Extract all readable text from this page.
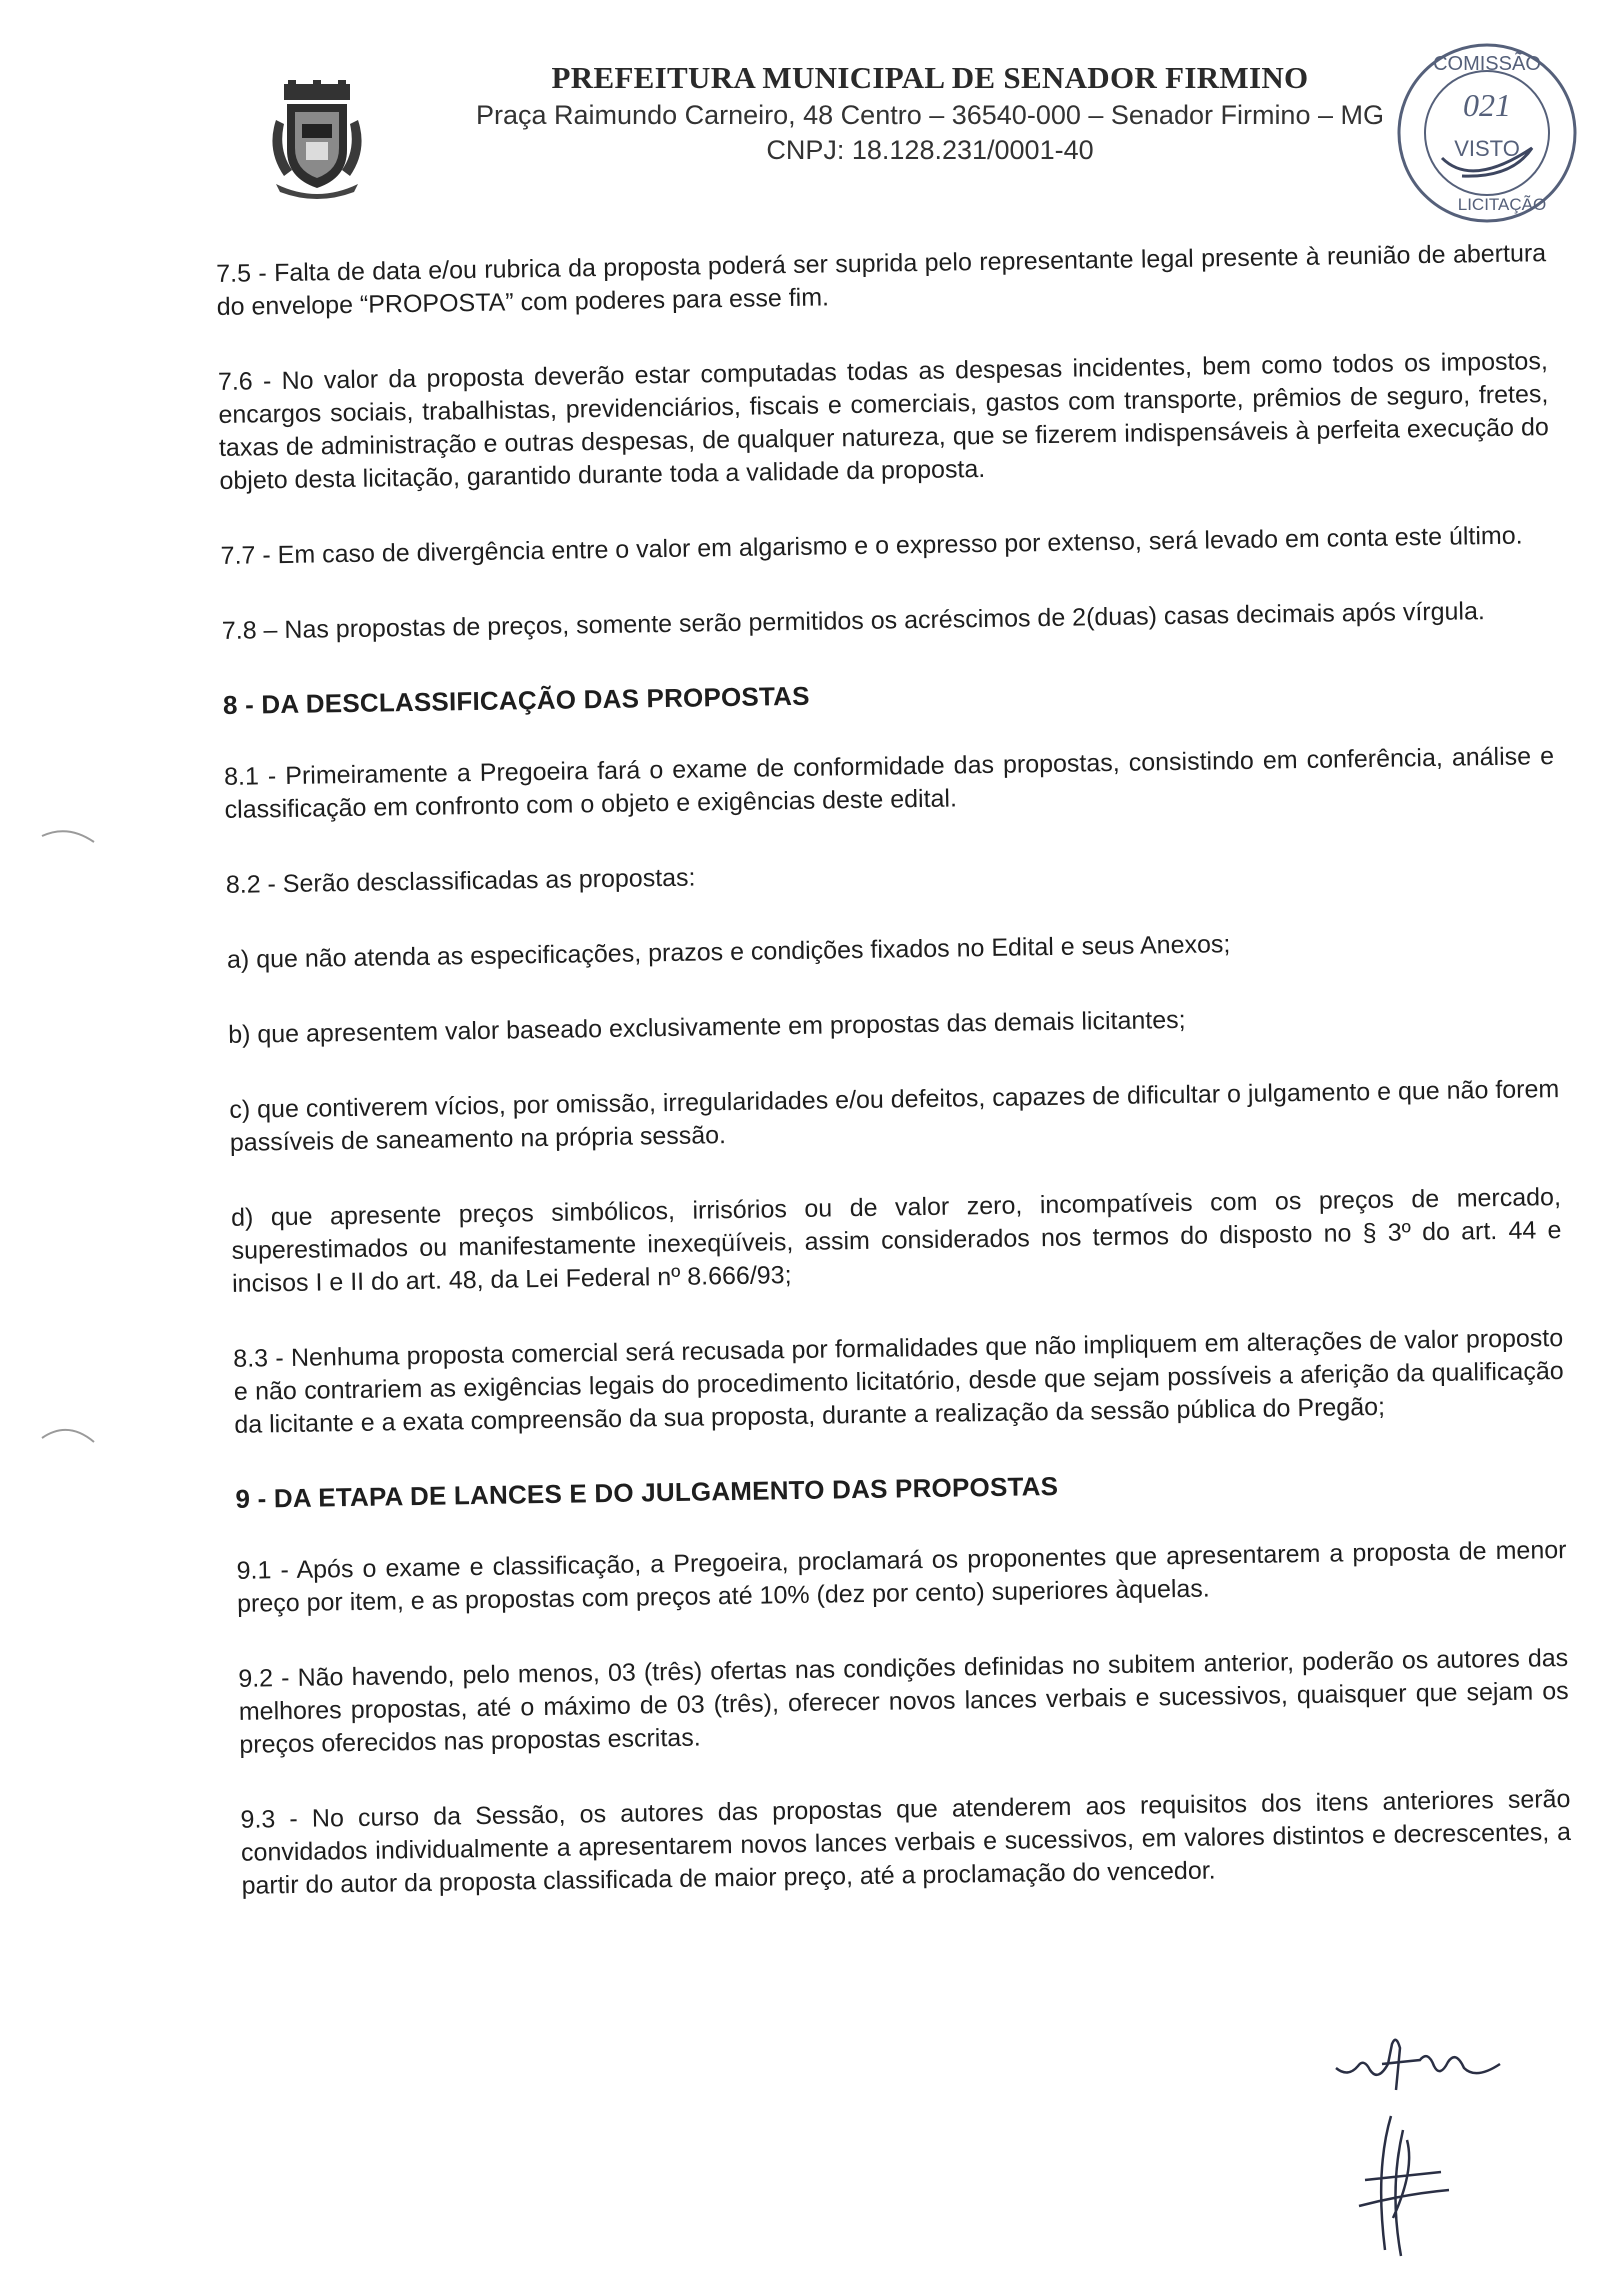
PREFEITURA MUNICIPAL DE SENADOR FIRMINO
Praça Raimundo Carneiro, 48 Centro – 36540-000 – Senador Firmino – MG
CNPJ: 18.128.231/0001-40
COMISSÃO
021
VISTO
LICITAÇÃO
7.5 - Falta de data e/ou rubrica da proposta poderá ser suprida pelo representante legal presente à reunião de abertura do envelope “PROPOSTA” com poderes para esse fim.
7.6 - No valor da proposta deverão estar computadas todas as despesas incidentes, bem como todos os impostos, encargos sociais, trabalhistas, previdenciários, fiscais e comerciais, gastos com transporte, prêmios de seguro, fretes, taxas de administração e outras despesas, de qualquer natureza, que se fizerem indispensáveis à perfeita execução do objeto desta licitação, garantido durante toda a validade da proposta.
7.7 - Em caso de divergência entre o valor em algarismo e o expresso por extenso, será levado em conta este último.
7.8 – Nas propostas de preços, somente serão permitidos os acréscimos de 2(duas) casas decimais após vírgula.
8 - DA DESCLASSIFICAÇÃO DAS PROPOSTAS
8.1 - Primeiramente a Pregoeira fará o exame de conformidade das propostas, consistindo em conferência, análise e classificação em confronto com o objeto e exigências deste edital.
8.2 - Serão desclassificadas as propostas:
a) que não atenda as especificações, prazos e condições fixados no Edital e seus Anexos;
b) que apresentem valor baseado exclusivamente em propostas das demais licitantes;
c) que contiverem vícios, por omissão, irregularidades e/ou defeitos, capazes de dificultar o julgamento e que não forem passíveis de saneamento na própria sessão.
d) que apresente preços simbólicos, irrisórios ou de valor zero, incompatíveis com os preços de mercado, superestimados ou manifestamente inexeqüíveis, assim considerados nos termos do disposto no § 3º do art. 44 e incisos I e II do art. 48, da Lei Federal nº 8.666/93;
8.3 - Nenhuma proposta comercial será recusada por formalidades que não impliquem em alterações de valor proposto e não contrariem as exigências legais do procedimento licitatório, desde que sejam possíveis a aferição da qualificação da licitante e a exata compreensão da sua proposta, durante a realização da sessão pública do Pregão;
9 - DA ETAPA DE LANCES E DO JULGAMENTO DAS PROPOSTAS
9.1 - Após o exame e classificação, a Pregoeira, proclamará os proponentes que apresentarem a proposta de menor preço por item, e as propostas com preços até 10% (dez por cento) superiores àquelas.
9.2 - Não havendo, pelo menos, 03 (três) ofertas nas condições definidas no subitem anterior, poderão os autores das melhores propostas, até o máximo de 03 (três), oferecer novos lances verbais e sucessivos, quaisquer que sejam os preços oferecidos nas propostas escritas.
9.3 - No curso da Sessão, os autores das propostas que atenderem aos requisitos dos itens anteriores serão convidados individualmente a apresentarem novos lances verbais e sucessivos, em valores distintos e decrescentes, a partir do autor da proposta classificada de maior preço, até a proclamação do vencedor.
